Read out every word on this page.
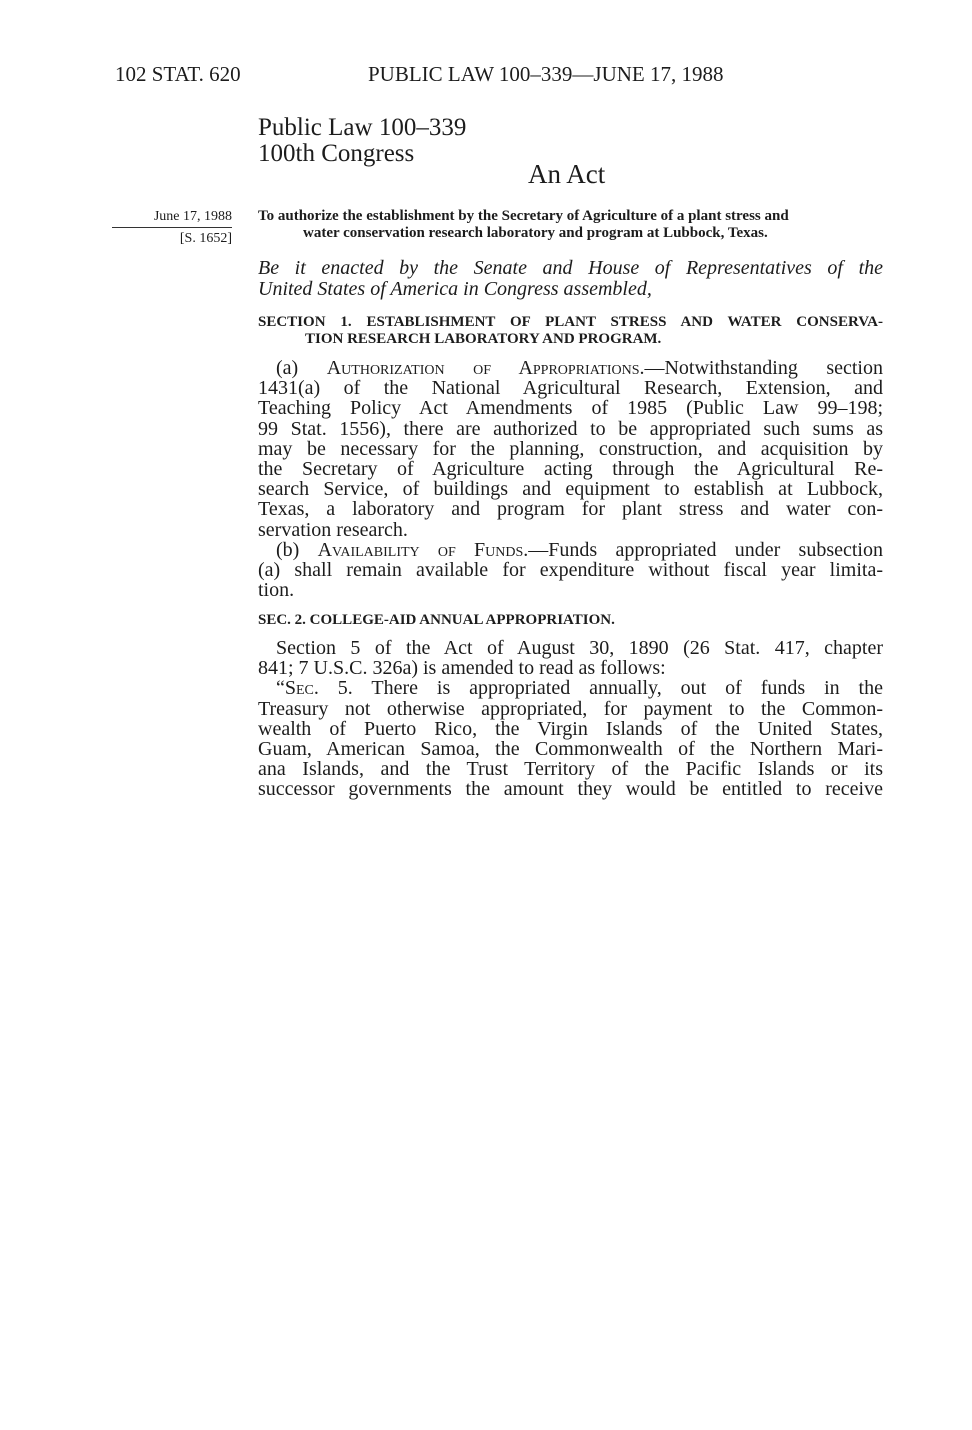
102 STAT. 620	PUBLIC LAW 100–339—JUNE 17, 1988
Public Law 100–339
100th Congress
An Act
June 17, 1988
[S. 1652]
To authorize the establishment by the Secretary of Agriculture of a plant stress and
water conservation research laboratory and program at Lubbock, Texas.
Be it enacted by the Senate and House of Representatives of the
United States of America in Congress assembled,
SECTION 1. ESTABLISHMENT OF PLANT STRESS AND WATER CONSERVA-
TION RESEARCH LABORATORY AND PROGRAM.
(a) Authorization of Appropriations.—Notwithstanding section
1431(a) of the National Agricultural Research, Extension, and
Teaching Policy Act Amendments of 1985 (Public Law 99–198;
99 Stat. 1556), there are authorized to be appropriated such sums as
may be necessary for the planning, construction, and acquisition by
the Secretary of Agriculture acting through the Agricultural Re-
search Service, of buildings and equipment to establish at Lubbock,
Texas, a laboratory and program for plant stress and water con-
servation research.
(b) Availability of Funds.—Funds appropriated under subsection
(a) shall remain available for expenditure without fiscal year limita-
tion.
SEC. 2. COLLEGE-AID ANNUAL APPROPRIATION.
Section 5 of the Act of August 30, 1890 (26 Stat. 417, chapter
841; 7 U.S.C. 326a) is amended to read as follows:
“Sec. 5. There is appropriated annually, out of funds in the
Treasury not otherwise appropriated, for payment to the Common-
wealth of Puerto Rico, the Virgin Islands of the United States,
Guam, American Samoa, the Commonwealth of the Northern Mari-
ana Islands, and the Trust Territory of the Pacific Islands or its
successor governments the amount they would be entitled to receive
